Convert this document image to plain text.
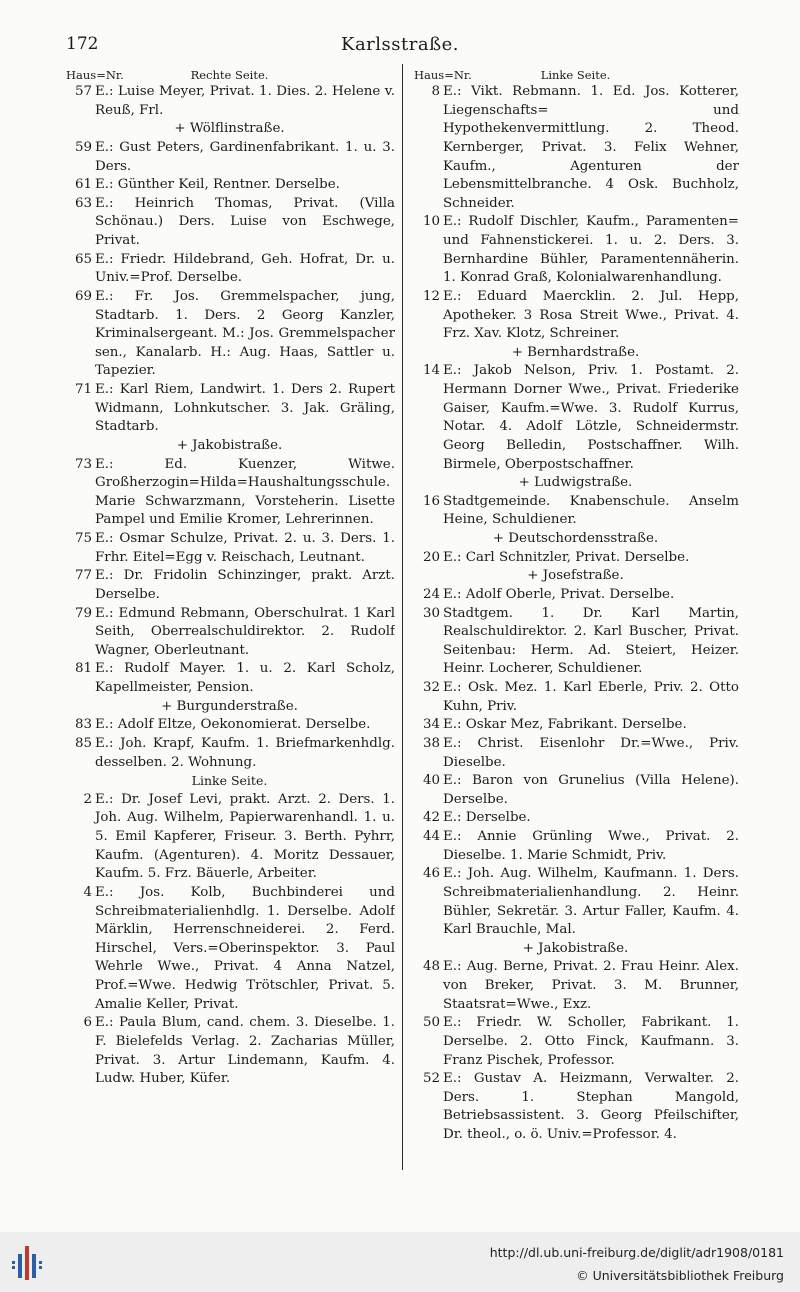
172	Karlsstraße.
Haus=Nr.	Rechte Seite.
57 E.: Luise Meyer, Privat. 1. Dies. 2. Helene v. Reuß, Frl.
+ Wölflinstraße.
59 E.: Gust Peters, Gardinenfabrikant. 1. u. 3. Ders.
61 E.: Günther Keil, Rentner. Derselbe.
63 E.: Heinrich Thomas, Privat. (Villa Schönau.) Ders. Luise von Eschwege, Privat.
65 E.: Friedr. Hildebrand, Geh. Hofrat, Dr. u. Univ.=Prof. Derselbe.
69 E.: Fr. Jos. Gremmelspacher, jung, Stadtarb. 1. Ders. 2 Georg Kanzler, Kriminalsergeant. M.: Jos. Gremmelspacher sen., Kanalarb. H.: Aug. Haas, Sattler u. Tapezier.
71 E.: Karl Riem, Landwirt. 1. Ders 2. Rupert Widmann, Lohnkutscher. 3. Jak. Gräling, Stadtarb.
+ Jakobistraße.
73 E.: Ed. Kuenzer, Witwe. Großherzogin=Hilda=Haushaltungsschule. Marie Schwarzmann, Vorsteherin. Lisette Pampel und Emilie Kromer, Lehrerinnen.
75 E.: Osmar Schulze, Privat. 2. u. 3. Ders. 1. Frhr. Eitel=Egg v. Reischach, Leutnant.
77 E.: Dr. Fridolin Schinzinger, prakt. Arzt. Derselbe.
79 E.: Edmund Rebmann, Oberschulrat. 1 Karl Seith, Oberrealschuldirektor. 2. Rudolf Wagner, Oberleutnant.
81 E.: Rudolf Mayer. 1. u. 2. Karl Scholz, Kapellmeister, Pension.
+ Burgunderstraße.
83 E.: Adolf Eltze, Oekonomierat. Derselbe.
85 E.: Joh. Krapf, Kaufm. 1. Briefmarkenhdlg. desselben. 2. Wohnung.
Linke Seite.
2 E.: Dr. Josef Levi, prakt. Arzt. 2. Ders. 1. Joh. Aug. Wilhelm, Papierwarenhandl. 1. u. 5. Emil Kapferer, Friseur. 3. Berth. Pyhrr, Kaufm. (Agenturen). 4. Moritz Dessauer, Kaufm. 5. Frz. Bäuerle, Arbeiter.
4 E.: Jos. Kolb, Buchbinderei und Schreibmaterialienhdlg. 1. Derselbe. Adolf Märklin, Herrenschneiderei. 2. Ferd. Hirschel, Vers.=Oberinspektor. 3. Paul Wehrle Wwe., Privat. 4 Anna Natzel, Prof.=Wwe. Hedwig Trötschler, Privat. 5. Amalie Keller, Privat.
6 E.: Paula Blum, cand. chem. 3. Dieselbe. 1. F. Bielefelds Verlag. 2. Zacharias Müller, Privat. 3. Artur Lindemann, Kaufm. 4. Ludw. Huber, Küfer.
Haus=Nr.	Linke Seite.
8 E.: Vikt. Rebmann. 1. Ed. Jos. Kotterer, Liegenschafts= und Hypothekenvermittlung. 2. Theod. Kernberger, Privat. 3. Felix Wehner, Kaufm., Agenturen der Lebensmittelbranche. 4 Osk. Buchholz, Schneider.
10 E.: Rudolf Dischler, Kaufm., Paramenten= und Fahnenstickerei. 1. u. 2. Ders. 3. Bernhardine Bühler, Paramentennäherin. 1. Konrad Graß, Kolonialwarenhandlung.
12 E.: Eduard Maercklin. 2. Jul. Hepp, Apotheker. 3 Rosa Streit Wwe., Privat. 4. Frz. Xav. Klotz, Schreiner.
+ Bernhardstraße.
14 E.: Jakob Nelson, Priv. 1. Postamt. 2. Hermann Dorner Wwe., Privat. Friederike Gaiser, Kaufm.=Wwe. 3. Rudolf Kurrus, Notar. 4. Adolf Lötzle, Schneidermstr. Georg Belledin, Postschaffner. Wilh. Birmele, Oberpostschaffner.
+ Ludwigstraße.
16 Stadtgemeinde. Knabenschule. Anselm Heine, Schuldiener.
+ Deutschordensstraße.
20 E.: Carl Schnitzler, Privat. Derselbe.
+ Josefstraße.
24 E.: Adolf Oberle, Privat. Derselbe.
30 Stadtgem. 1. Dr. Karl Martin, Realschuldirektor. 2. Karl Buscher, Privat. Seitenbau: Herm. Ad. Steiert, Heizer. Heinr. Locherer, Schuldiener.
32 E.: Osk. Mez. 1. Karl Eberle, Priv. 2. Otto Kuhn, Priv.
34 E.: Oskar Mez, Fabrikant. Derselbe.
38 E.: Christ. Eisenlohr Dr.=Wwe., Priv. Dieselbe.
40 E.: Baron von Grunelius (Villa Helene). Derselbe.
42 E.: Derselbe.
44 E.: Annie Grünling Wwe., Privat. 2. Dieselbe. 1. Marie Schmidt, Priv.
46 E.: Joh. Aug. Wilhelm, Kaufmann. 1. Ders. Schreibmaterialienhandlung. 2. Heinr. Bühler, Sekretär. 3. Artur Faller, Kaufm. 4. Karl Brauchle, Mal.
+ Jakobistraße.
48 E.: Aug. Berne, Privat. 2. Frau Heinr. Alex. von Breker, Privat. 3. M. Brunner, Staatsrat=Wwe., Exz.
50 E.: Friedr. W. Scholler, Fabrikant. 1. Derselbe. 2. Otto Finck, Kaufmann. 3. Franz Pischek, Professor.
52 E.: Gustav A. Heizmann, Verwalter. 2. Ders. 1. Stephan Mangold, Betriebsassistent. 3. Georg Pfeilschifter, Dr. theol., o. ö. Univ.=Professor. 4.
http://dl.ub.uni-freiburg.de/diglit/adr1908/0181
© Universitätsbibliothek Freiburg
